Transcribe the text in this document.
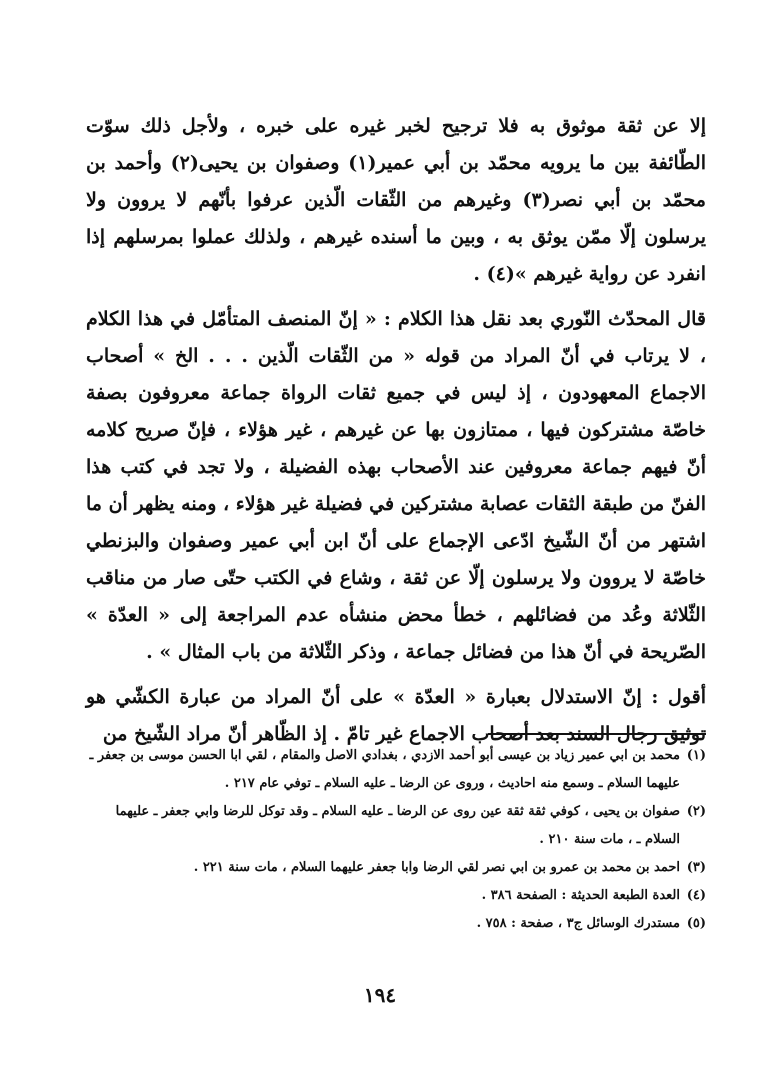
إلا عن ثقة موثوق به فلا ترجيح لخبر غيره على خبره ، ولأجل ذلك سوّت الطّائفة بين ما يرويه محمّد بن أبي عمير(١) وصفوان بن يحيى(٢) وأحمد بن محمّد بن أبي نصر(٣) وغيرهم من الثّقات الّذين عرفوا بأنّهم لا يروون ولا يرسلون إلّا ممّن يوثق به ، وبين ما أسنده غيرهم ، ولذلك عملوا بمرسلهم إذا انفرد عن رواية غيرهم »(٤) .

قال المحدّث النّوري بعد نقل هذا الكلام : « إنّ المنصف المتأمّل في هذا الكلام ، لا يرتاب في أنّ المراد من قوله « من الثّقات الّذين . . . الخ » أصحاب الاجماع المعهودون ، إذ ليس في جميع ثقات الرواة جماعة معروفون بصفة خاصّة مشتركون فيها ، ممتازون بها عن غيرهم ، غير هؤلاء ، فإنّ صريح كلامه أنّ فيهم جماعة معروفين عند الأصحاب بهذه الفضيلة ، ولا تجد في كتب هذا الفنّ من طبقة الثقات عصابة مشتركين في فضيلة غير هؤلاء ، ومنه يظهر أن ما اشتهر من أنّ الشّيخ ادّعى الإجماع على أنّ ابن أبي عمير وصفوان والبزنطي خاصّة لا يروون ولا يرسلون إلّا عن ثقة ، وشاع في الكتب حتّى صار من مناقب الثّلاثة وعُد من فضائلهم ، خطأ محض منشأه عدم المراجعة إلى « العدّة » الصّريحة في أنّ هذا من فضائل جماعة ، وذكر الثّلاثة من باب المثال » .

أقول : إنّ الاستدلال بعبارة « العدّة » على أنّ المراد من عبارة الكشّي هو توثيق رجال السند بعد أصحاب الاجماع غير تامّ . إذ الظّاهر أنّ مراد الشّيخ من

(١)
محمد بن ابي عمير زياد بن عيسى أبو أحمد الازدي ، بغدادي الاصل والمقام ، لقي ابا الحسن موسى بن جعفر ـ عليهما السلام ـ وسمع منه احاديث ، وروى عن الرضا ـ عليه السلام ـ توفي عام ٢١٧ .
(٢)
صفوان بن يحيى ، كوفي ثقة ثقة عين روى عن الرضا ـ عليه السلام ـ وقد توكل للرضا وابي جعفر ـ عليهما السلام ـ ، مات سنة ٢١٠ .
(٣)
احمد بن محمد بن عمرو بن ابي نصر لقي الرضا وابا جعفر عليهما السلام ، مات سنة ٢٢١ .
(٤)
العدة الطبعة الحديثة : الصفحة ٣٨٦ .
(٥)
مستدرك الوسائل ج٣ ، صفحة : ٧٥٨ .
١٩٤
